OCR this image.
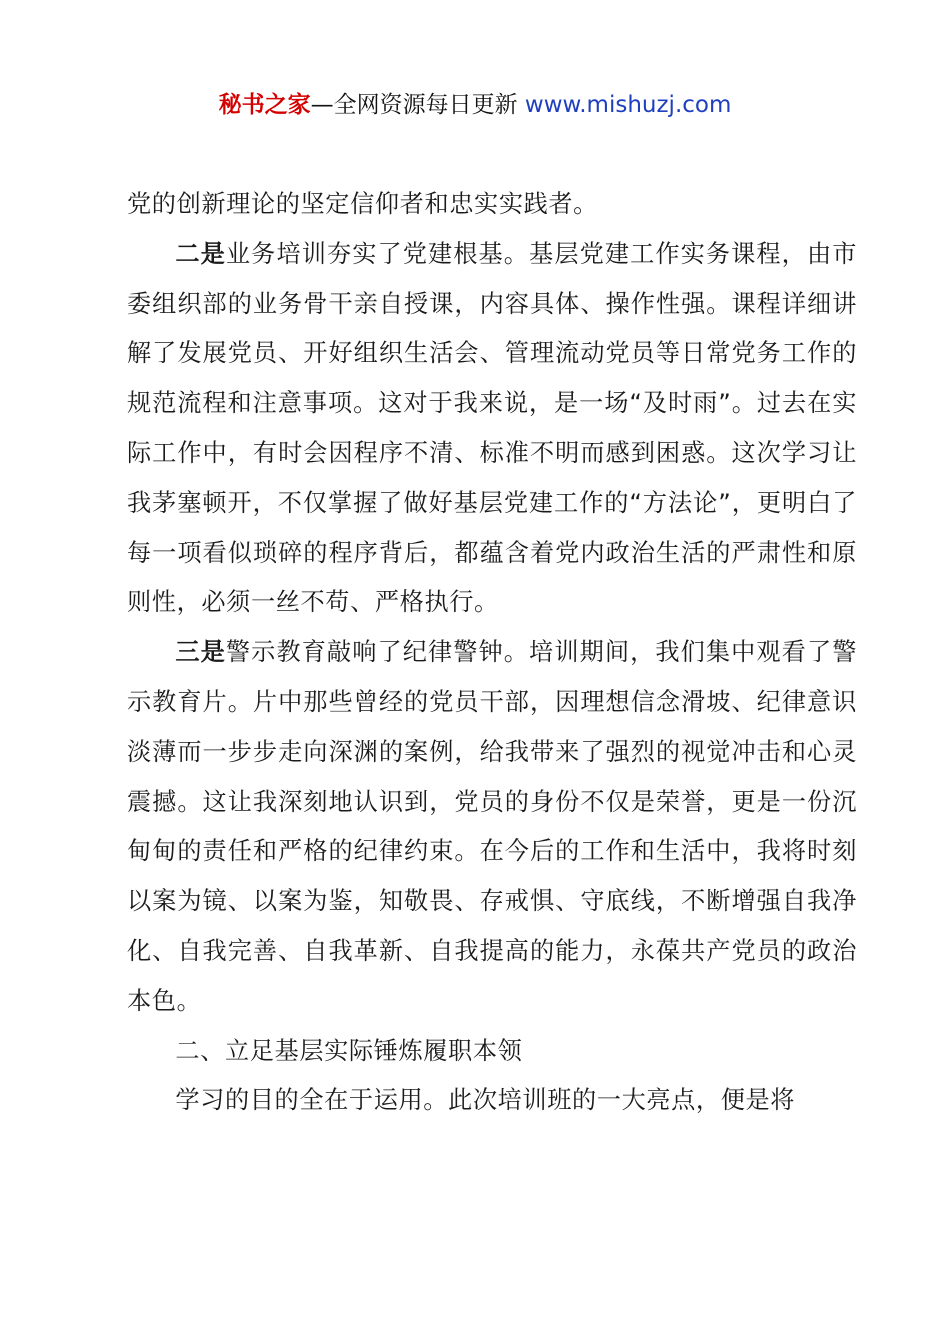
秘书之家—全网资源每日更新 www.mishuzj.com

党的创新理论的坚定信仰者和忠实实践者。

二是业务培训夯实了党建根基。基层党建工作实务课程，由市委组织部的业务骨干亲自授课，内容具体、操作性强。课程详细讲解了发展党员、开好组织生活会、管理流动党员等日常党务工作的规范流程和注意事项。这对于我来说，是一场“及时雨”。过去在实际工作中，有时会因程序不清、标准不明而感到困惑。这次学习让我茅塞顿开，不仅掌握了做好基层党建工作的“方法论”，更明白了每一项看似琐碎的程序背后，都蕴含着党内政治生活的严肃性和原则性，必须一丝不苟、严格执行。

三是警示教育敲响了纪律警钟。培训期间，我们集中观看了警示教育片。片中那些曾经的党员干部，因理想信念滑坡、纪律意识淡薄而一步步走向深渊的案例，给我带来了强烈的视觉冲击和心灵震撼。这让我深刻地认识到，党员的身份不仅是荣誉，更是一份沉甸甸的责任和严格的纪律约束。在今后的工作和生活中，我将时刻以案为镜、以案为鉴，知敬畏、存戒惧、守底线，不断增强自我净化、自我完善、自我革新、自我提高的能力，永葆共产党员的政治本色。

二、立足基层实际锤炼履职本领

学习的目的全在于运用。此次培训班的一大亮点，便是将
